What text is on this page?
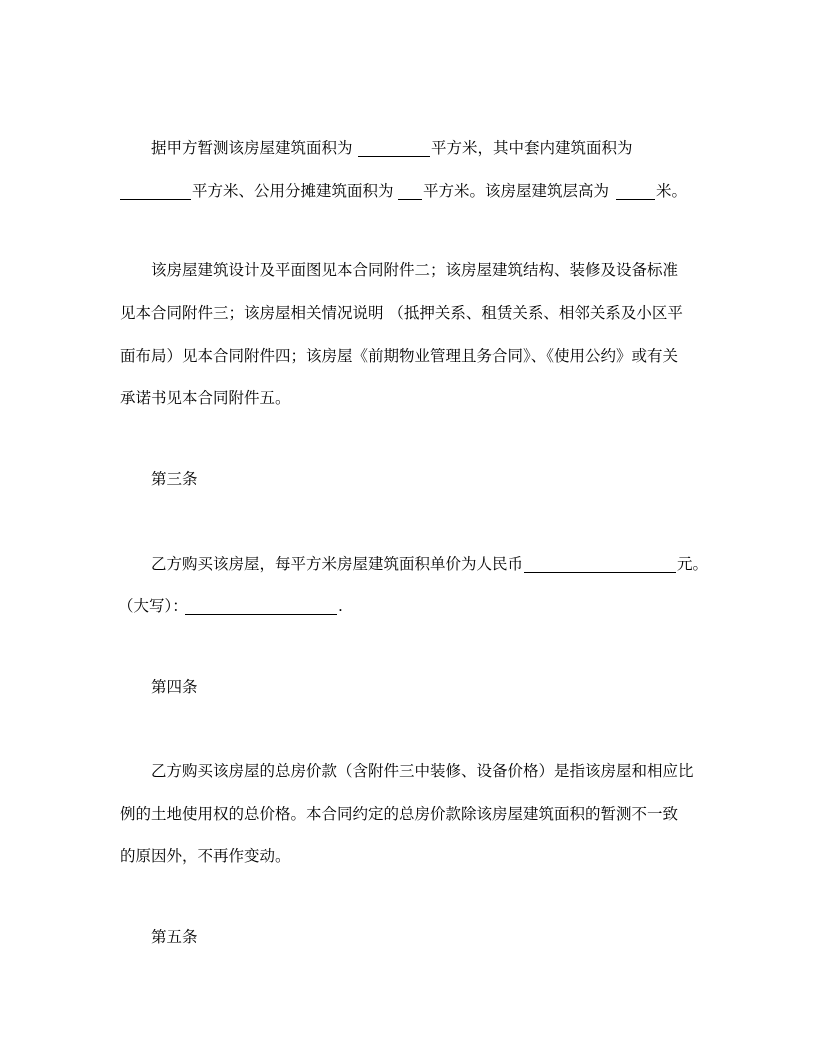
据甲方暂测该房屋建筑面积为	平方米，其中套内建筑面积为
平方米、公用分摊建筑面积为 平方米。该房屋建筑层高为	米。
该房屋建筑设计及平面图见本合同附件二；该房屋建筑结构、装修及设备标准
见本合同附件三；该房屋相关情况说明 （抵押关系、租赁关系、相邻关系及小区平
面布局）见本合同附件四；该房屋《前期物业管理且务合同》、《使用公约》或有关
承诺书见本合同附件五。
第三条
乙方购买该房屋，每平方米房屋建筑面积单价为人民币	元。
（大写）：	.
第四条
乙方购买该房屋的总房价款（含附件三中装修、设备价格）是指该房屋和相应比
例的土地使用权的总价格。本合同约定的总房价款除该房屋建筑面积的暂测不一致
的原因外，不再作变动。
第五条
